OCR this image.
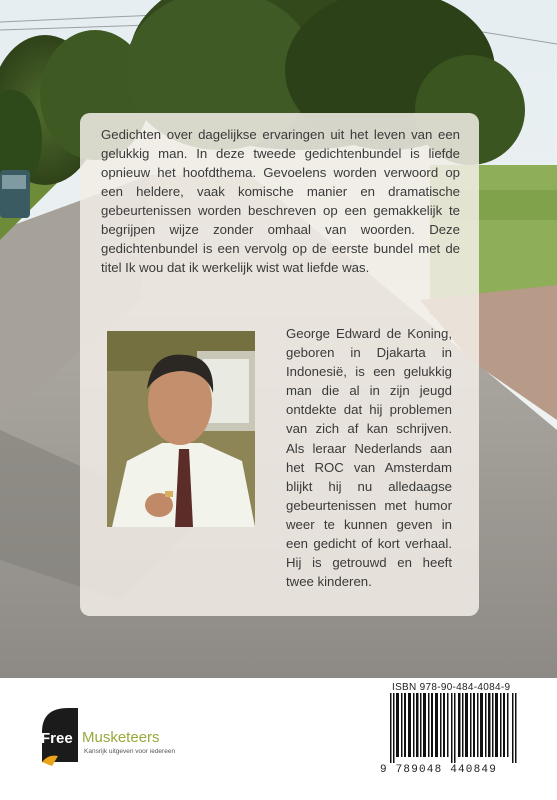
Gedichten over dagelijkse ervaringen uit het leven van een gelukkig man. In deze tweede gedichtenbundel is liefde opnieuw het hoofdthema. Gevoelens worden verwoord op een heldere, vaak komische manier en dramatische gebeurtenissen worden beschreven op een gemakkelijk te begrijpen wijze zonder omhaal van woorden. Deze gedichtenbundel is een vervolg op de eerste bundel met de titel Ik wou dat ik werkelijk wist wat liefde was.

George Edward de Koning, geboren in Djakarta in Indonesië, is een gelukkig man die al in zijn jeugd ontdekte dat hij problemen van zich af kan schrijven. Als leraar Nederlands aan het ROC van Amsterdam blijkt hij nu alledaagse gebeurtenissen met humor weer te kunnen geven in een gedicht of kort verhaal. Hij is getrouwd en heeft twee kinderen.

ISBN 978-90-484-4084-9
9 789048 440849
Free Musketeers
Kansrijk uitgeven voor iedereen
